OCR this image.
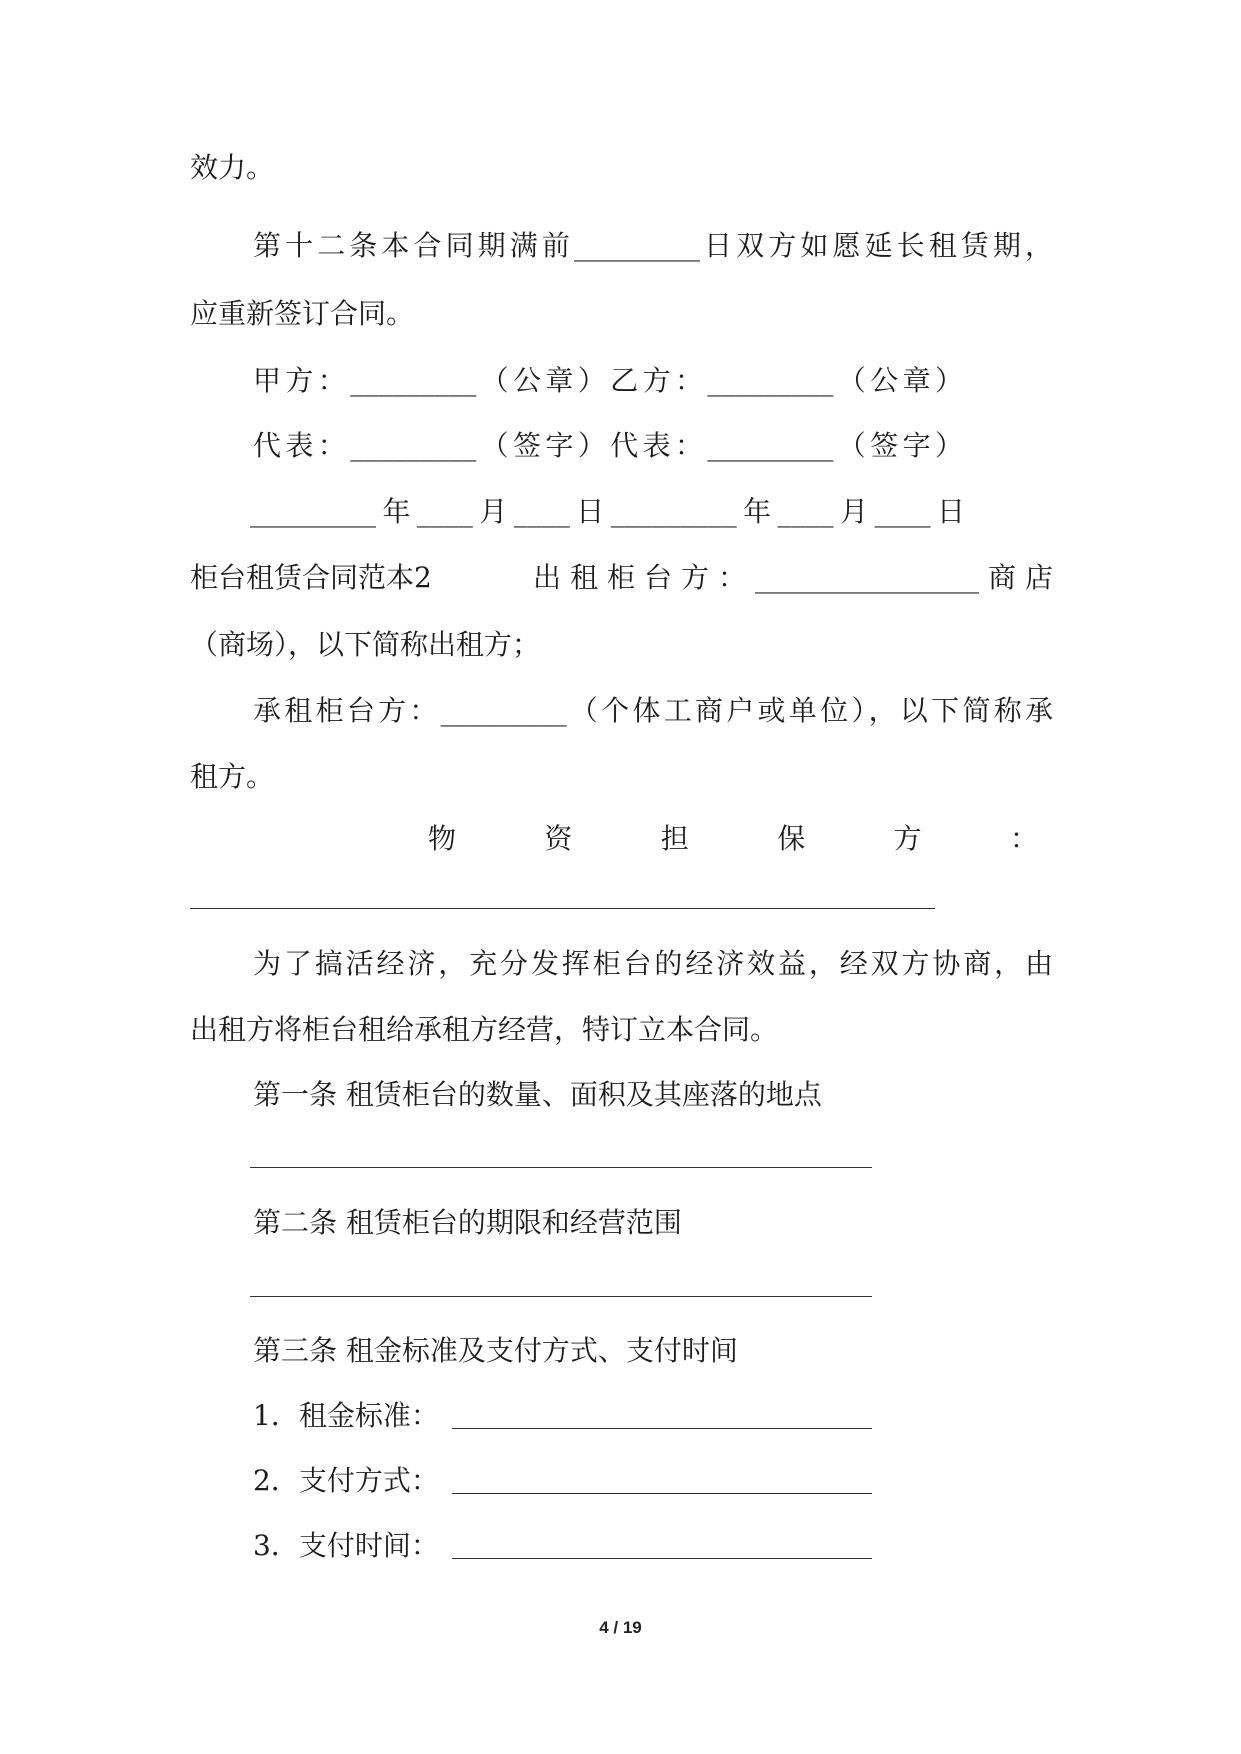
效力。

第十二条本合同期满前_________日双方如愿延长租赁期，

应重新签订合同。

甲方：_________（公章）乙方：_________（公章）

代表：_________（签字）代表：_________（签字）

_________年____月____日_________年____月____日

柜台租赁合同范本2	出租柜台方：________________商店

（商场），以下简称出租方；

承租柜台方：_________（个体工商户或单位），以下简称承

租方。

物资担保方：

为了搞活经济，充分发挥柜台的经济效益，经双方协商，由

出租方将柜台租给承租方经营，特订立本合同。

第一条 租赁柜台的数量、面积及其座落的地点

第二条 租赁柜台的期限和经营范围

第三条 租金标准及支付方式、支付时间

1．租金标准：

2．支付方式：

3．支付时间：

4 / 19
